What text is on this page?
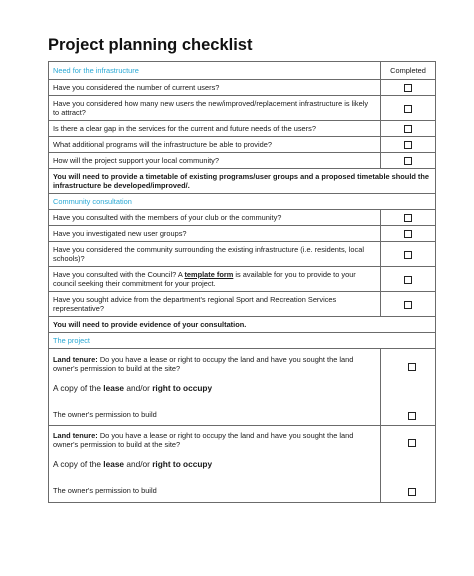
Project planning checklist
Need for the infrastructure	Completed
Have you considered the number of current users?	
Have you considered how many new users the new/improved/replacement infrastructure is likely to attract?	
Is there a clear gap in the services for the current and future needs of the users?	
What additional programs will the infrastructure be able to provide?	
How will the project support your local community?	
You will need to provide a timetable of existing programs/user groups and a proposed timetable should the infrastructure be developed/improved/.	
Community consultation	
Have you consulted with the members of your club or the community?	
Have you investigated new user groups?	
Have you considered the community surrounding the existing infrastructure (i.e. residents, local schools)?	
Have you consulted with the Council? A template form is available for you to provide to your council seeking their commitment for your project.	
Have you sought advice from the department's regional Sport and Recreation Services representative?	
You will need to provide evidence of your consultation.	
The project	

Land tenure: Do you have a lease or right to occupy the land and have you sought the land owner's permission to build at the site?
A copy of the lease and/or right to occupy
The owner's permission to build	

Land tenure: Do you have a lease or right to occupy the land and have you sought the land owner's permission to build at the site?
A copy of the lease and/or right to occupy
The owner's permission to build	
